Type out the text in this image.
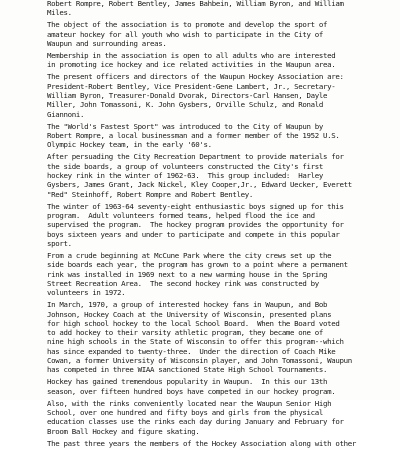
Robert Rompre, Robert Bentley, James Bahbein, William Byron, and William
Miles.

The object of the association is to promote and develop the sport of
amateur hockey for all youth who wish to participate in the City of
Waupun and surrounding areas.

Membership in the association is open to all adults who are interested
in promoting ice hockey and ice related activities in the Waupun area.

The present officers and directors of the Waupun Hockey Association are:
President-Robert Bentley, Vice President-Gene Lambert, Jr., Secretary-
William Byron, Treasurer-Donald Dvorak, Directors-Carl Hansen, Dayle
Miller, John Tomassoni, K. John Gysbers, Orville Schulz, and Ronald
Giannoni.

The "World's Fastest Sport" was introduced to the City of Waupun by
Robert Rompre, a local businessman and a former member of the 1952 U.S.
Olympic Hockey team, in the early '60's.

After persuading the City Recreation Department to provide materials for
the side boards, a group of volunteers constructed the City's first
hockey rink in the winter of 1962-63.  This group included:  Harley
Gysbers, James Grant, Jack Nickel, Kley Cooper,Jr., Edward Uecker, Everett
"Red" Steinhoff, Robert Rompre and Robert Bentley.

The winter of 1963-64 seventy-eight enthusiastic boys signed up for this
program.  Adult volunteers formed teams, helped flood the ice and
supervised the program.  The hockey program provides the opportunity for
boys sixteen years and under to participate and compete in this popular
sport.

From a crude beginning at McCune Park where the city crews set up the
side boards each year, the program has grown to a point where a permanent
rink was installed in 1969 next to a new warming house in the Spring
Street Recreation Area.  The second hockey rink was constructed by
volunteers in 1972.

In March, 1970, a group of interested hockey fans in Waupun, and Bob
Johnson, Hockey Coach at the University of Wisconsin, presented plans
for high school hockey to the local School Board.  When the Board voted
to add hockey to their varsity athletic program, they became one of
nine high schools in the State of Wisconsin to offer this program--which
has since expanded to twenty-three.  Under the direction of Coach Mike
Cowan, a former University of Wisconsin player, and John Tomassoni, Waupun
has competed in three WIAA sanctioned State High School Tournaments.

Hockey has gained tremendous popularity in Waupun.  In this our 13th
season, over fifteen hundred boys have competed in our hockey program.

Also, with the rinks conveniently located near the Waupun Senior High
School, over one hundred and fifty boys and girls from the physical
education classes use the rinks each day during January and February for
Broom Ball Hockey and figure skating.

The past three years the members of the Hockey Association along with other
